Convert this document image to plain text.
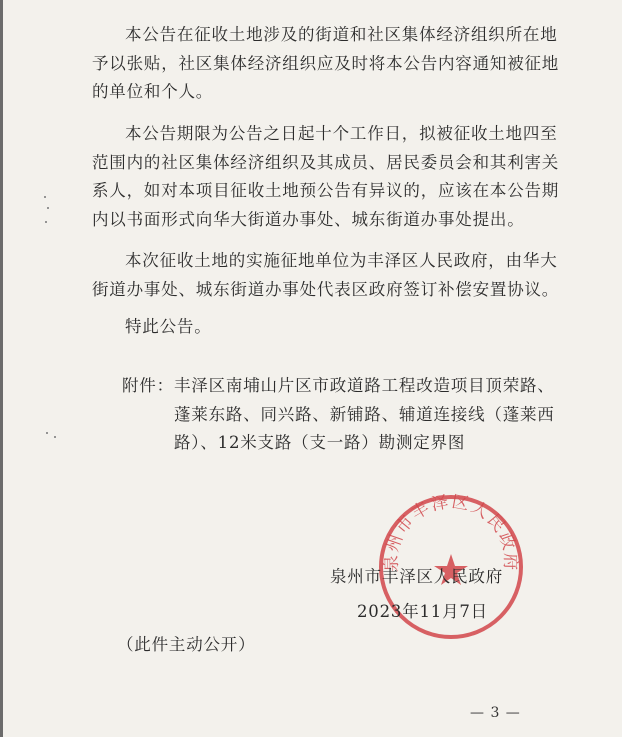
本公告在征收土地涉及的街道和社区集体经济组织所在地予以张贴，社区集体经济组织应及时将本公告内容通知被征地的单位和个人。

本公告期限为公告之日起十个工作日，拟被征收土地四至范围内的社区集体经济组织及其成员、居民委员会和其利害关系人，如对本项目征收土地预公告有异议的，应该在本公告期内以书面形式向华大街道办事处、城东街道办事处提出。

本次征收土地的实施征地单位为丰泽区人民政府，由华大街道办事处、城东街道办事处代表区政府签订补偿安置协议。

特此公告。

附件： 丰泽区南埔山片区市政道路工程改造项目顶荣路、蓬莱东路、同兴路、新铺路、辅道连接线（蓬莱西路）、12米支路（支一路）勘测定界图
泉州市丰泽区人民政府
泉州市丰泽区人民政府
2023年11月7日
（此件主动公开）
— 3 —
